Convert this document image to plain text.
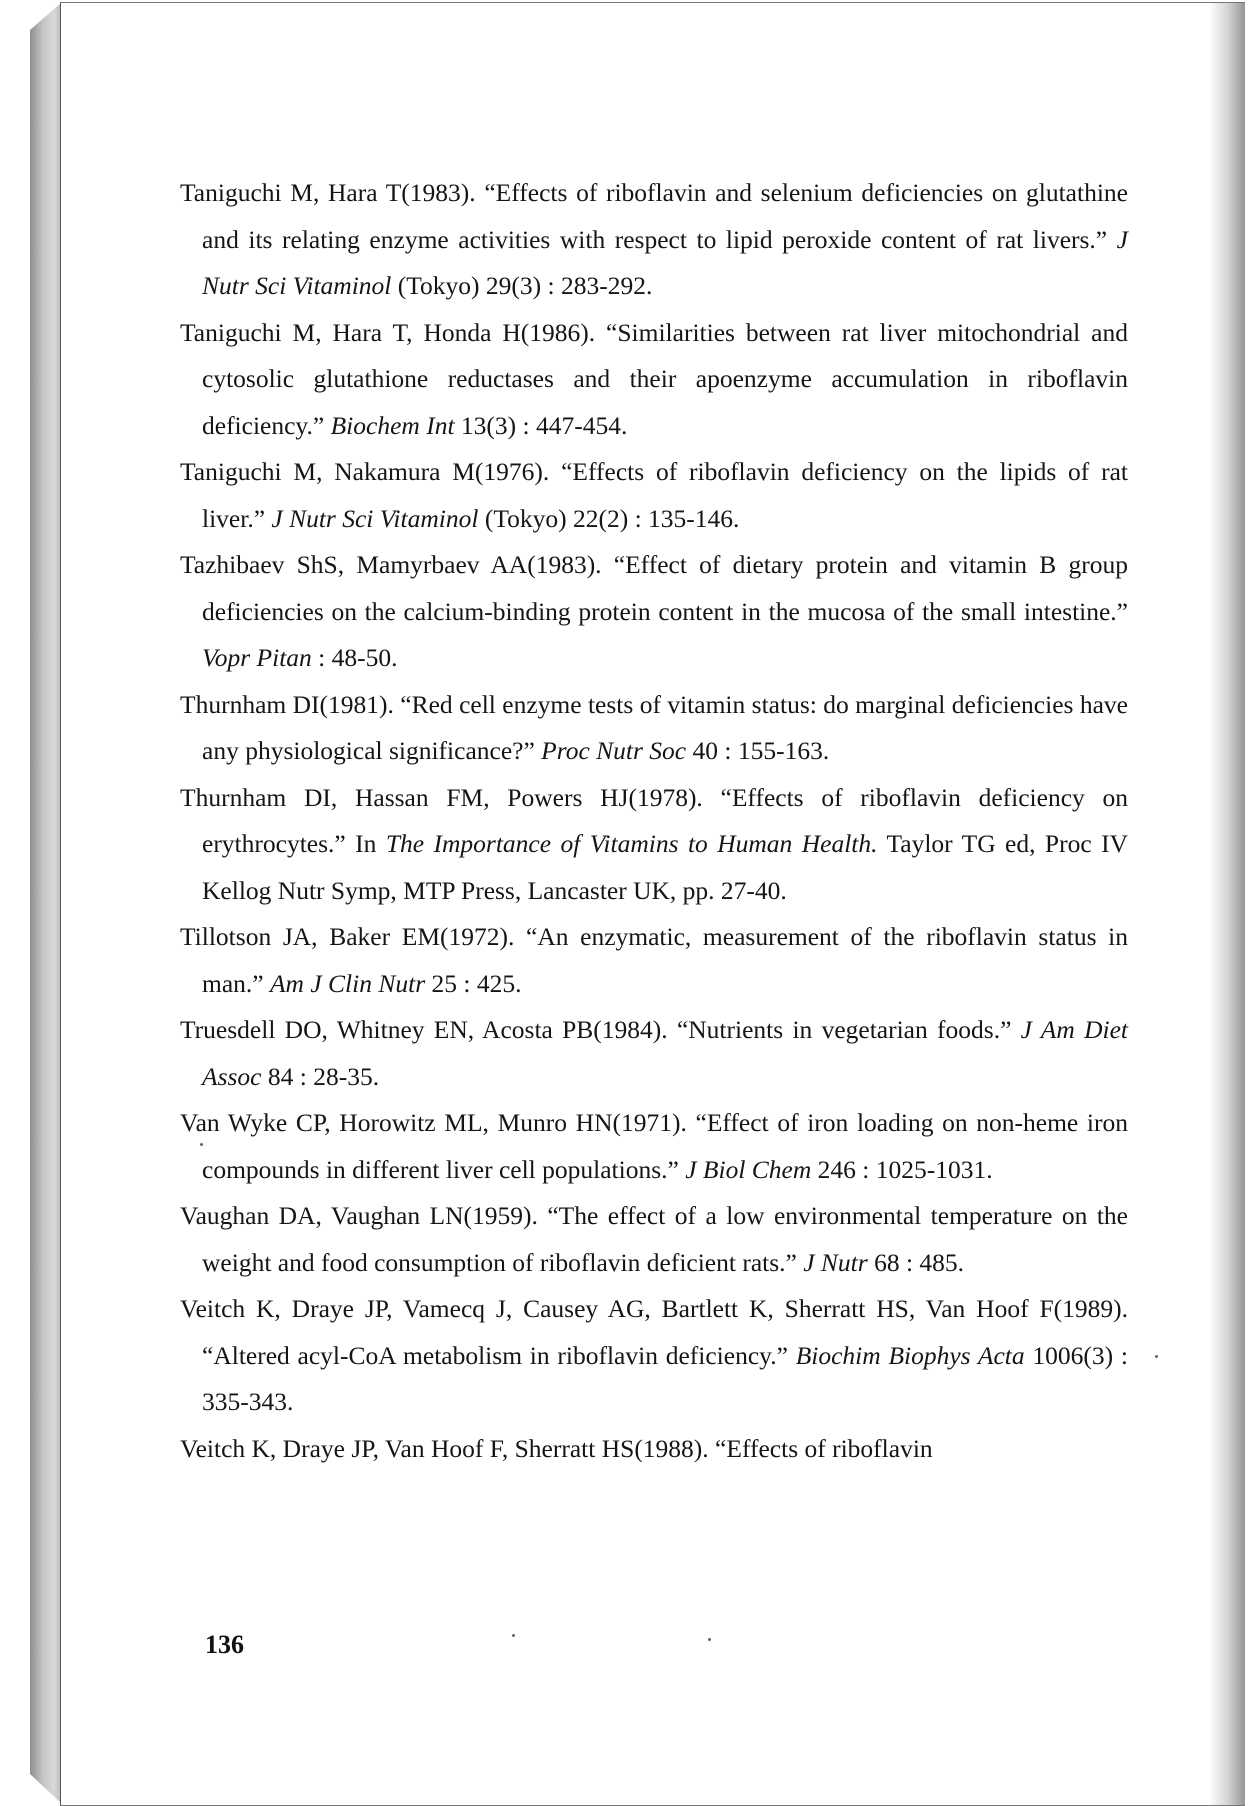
Taniguchi M, Hara T(1983). “Effects of riboflavin and selenium deficiencies on glutathine and its relating enzyme activities with respect to lipid peroxide content of rat livers.” J Nutr Sci Vitaminol (Tokyo) 29(3) : 283-292.

Taniguchi M, Hara T, Honda H(1986). “Similarities between rat liver mitochondrial and cytosolic glutathione reductases and their apoenzyme accumulation in riboflavin deficiency.” Biochem Int 13(3) : 447-454.

Taniguchi M, Nakamura M(1976). “Effects of riboflavin deficiency on the lipids of rat liver.” J Nutr Sci Vitaminol (Tokyo) 22(2) : 135-146.

Tazhibaev ShS, Mamyrbaev AA(1983). “Effect of dietary protein and vitamin B group deficiencies on the calcium-binding protein content in the mucosa of the small intestine.” Vopr Pitan : 48-50.

Thurnham DI(1981). “Red cell enzyme tests of vitamin status: do marginal deficiencies have any physiological significance?” Proc Nutr Soc 40 : 155-163.

Thurnham DI, Hassan FM, Powers HJ(1978). “Effects of riboflavin deficiency on erythrocytes.” In The Importance of Vitamins to Human Health. Taylor TG ed, Proc IV Kellog Nutr Symp, MTP Press, Lancaster UK, pp. 27-40.

Tillotson JA, Baker EM(1972). “An enzymatic, measurement of the riboflavin status in man.” Am J Clin Nutr 25 : 425.

Truesdell DO, Whitney EN, Acosta PB(1984). “Nutrients in vegetarian foods.” J Am Diet Assoc 84 : 28-35.

Van Wyke CP, Horowitz ML, Munro HN(1971). “Effect of iron loading on non-heme iron compounds in different liver cell populations.” J Biol Chem 246 : 1025-1031.

Vaughan DA, Vaughan LN(1959). “The effect of a low environmental temperature on the weight and food consumption of riboflavin deficient rats.” J Nutr 68 : 485.

Veitch K, Draye JP, Vamecq J, Causey AG, Bartlett K, Sherratt HS, Van Hoof F(1989). “Altered acyl-CoA metabolism in riboflavin deficiency.” Biochim Biophys Acta 1006(3) : 335-343.

Veitch K, Draye JP, Van Hoof F, Sherratt HS(1988). “Effects of riboflavin

136
